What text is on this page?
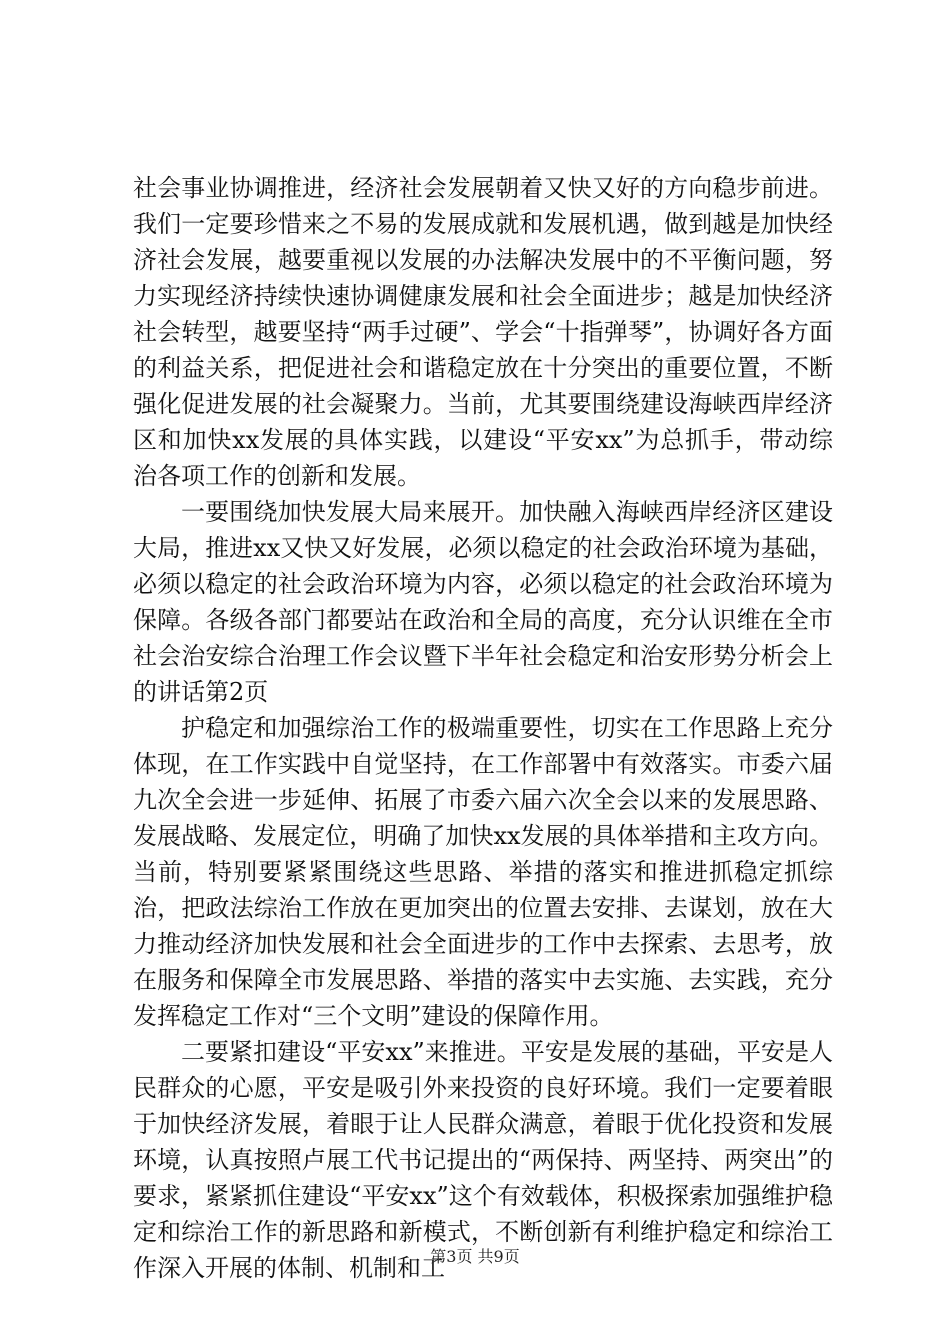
社会事业协调推进，经济社会发展朝着又快又好的方向稳步前进。我们一定要珍惜来之不易的发展成就和发展机遇，做到越是加快经济社会发展，越要重视以发展的办法解决发展中的不平衡问题，努力实现经济持续快速协调健康发展和社会全面进步；越是加快经济社会转型，越要坚持“两手过硬”、学会“十指弹琴”，协调好各方面的利益关系，把促进社会和谐稳定放在十分突出的重要位置，不断强化促进发展的社会凝聚力。当前，尤其要围绕建设海峡西岸经济区和加快xx发展的具体实践，以建设“平安xx”为总抓手，带动综治各项工作的创新和发展。

一要围绕加快发展大局来展开。加快融入海峡西岸经济区建设大局，推进xx又快又好发展，必须以稳定的社会政治环境为基础，必须以稳定的社会政治环境为内容，必须以稳定的社会政治环境为保障。各级各部门都要站在政治和全局的高度，充分认识维在全市社会治安综合治理工作会议暨下半年社会稳定和治安形势分析会上的讲话第2页

护稳定和加强综治工作的极端重要性，切实在工作思路上充分体现，在工作实践中自觉坚持，在工作部署中有效落实。市委六届九次全会进一步延伸、拓展了市委六届六次全会以来的发展思路、发展战略、发展定位，明确了加快xx发展的具体举措和主攻方向。当前，特别要紧紧围绕这些思路、举措的落实和推进抓稳定抓综治，把政法综治工作放在更加突出的位置去安排、去谋划，放在大力推动经济加快发展和社会全面进步的工作中去探索、去思考，放在服务和保障全市发展思路、举措的落实中去实施、去实践，充分发挥稳定工作对“三个文明”建设的保障作用。

二要紧扣建设“平安xx”来推进。平安是发展的基础，平安是人民群众的心愿，平安是吸引外来投资的良好环境。我们一定要着眼于加快经济发展，着眼于让人民群众满意，着眼于优化投资和发展环境，认真按照卢展工代书记提出的“两保持、两坚持、两突出”的要求，紧紧抓住建设“平安xx”这个有效载体，积极探索加强维护稳定和综治工作的新思路和新模式，不断创新有利维护稳定和综治工作深入开展的体制、机制和工

第3页 共9页
